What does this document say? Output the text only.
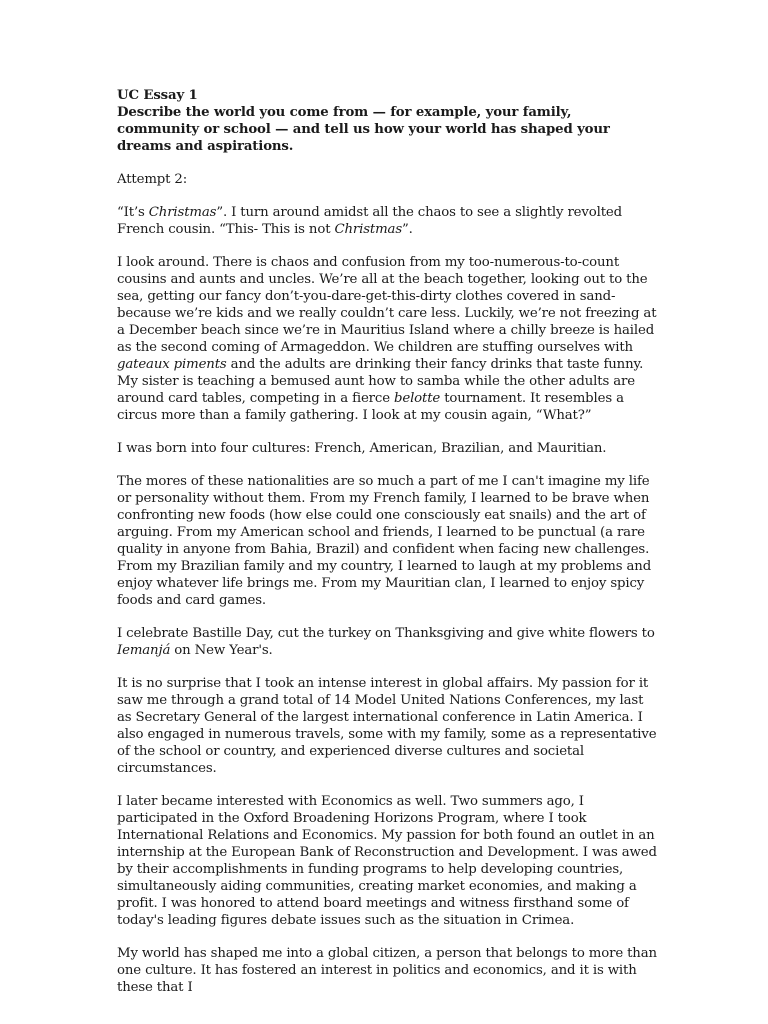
UC Essay 1

Describe the world you come from — for example, your family, community or school — and tell us how your world has shaped your dreams and aspirations.

Attempt 2:

“It’s Christmas”. I turn around amidst all the chaos to see a slightly revolted French cousin. “This- This is not Christmas”.

I look around. There is chaos and confusion from my too-numerous-to-count cousins and aunts and uncles. We’re all at the beach together, looking out to the sea, getting our fancy don’t-you-dare-get-this-dirty clothes covered in sand- because we’re kids and we really couldn’t care less. Luckily, we’re not freezing at a December beach since we’re in Mauritius Island where a chilly breeze is hailed as the second coming of Armageddon. We children are stuffing ourselves with gateaux piments and the adults are drinking their fancy drinks that taste funny. My sister is teaching a bemused aunt how to samba while the other adults are around card tables, competing in a fierce belotte tournament. It resembles a circus more than a family gathering. I look at my cousin again, “What?”

I was born into four cultures: French, American, Brazilian, and Mauritian.

The mores of these nationalities are so much a part of me I can't imagine my life or personality without them. From my French family, I learned to be brave when confronting new foods (how else could one consciously eat snails) and the art of arguing. From my American school and friends, I learned to be punctual (a rare quality in anyone from Bahia, Brazil) and confident when facing new challenges. From my Brazilian family and my country, I learned to laugh at my problems and enjoy whatever life brings me. From my Mauritian clan, I learned to enjoy spicy foods and card games.

I celebrate Bastille Day, cut the turkey on Thanksgiving and give white flowers to Iemanjá on New Year's.

It is no surprise that I took an intense interest in global affairs. My passion for it saw me through a grand total of 14 Model United Nations Conferences, my last as Secretary General of the largest international conference in Latin America. I also engaged in numerous travels, some with my family, some as a representative of the school or country, and experienced diverse cultures and societal circumstances.

I later became interested with Economics as well. Two summers ago, I participated in the Oxford Broadening Horizons Program, where I took International Relations and Economics. My passion for both found an outlet in an internship at the European Bank of Reconstruction and Development. I was awed by their accomplishments in funding programs to help developing countries, simultaneously aiding communities, creating market economies, and making a profit. I was honored to attend board meetings and witness firsthand some of today's leading figures debate issues such as the situation in Crimea.

My world has shaped me into a global citizen, a person that belongs to more than one culture. It has fostered an interest in politics and economics, and it is with these that I
